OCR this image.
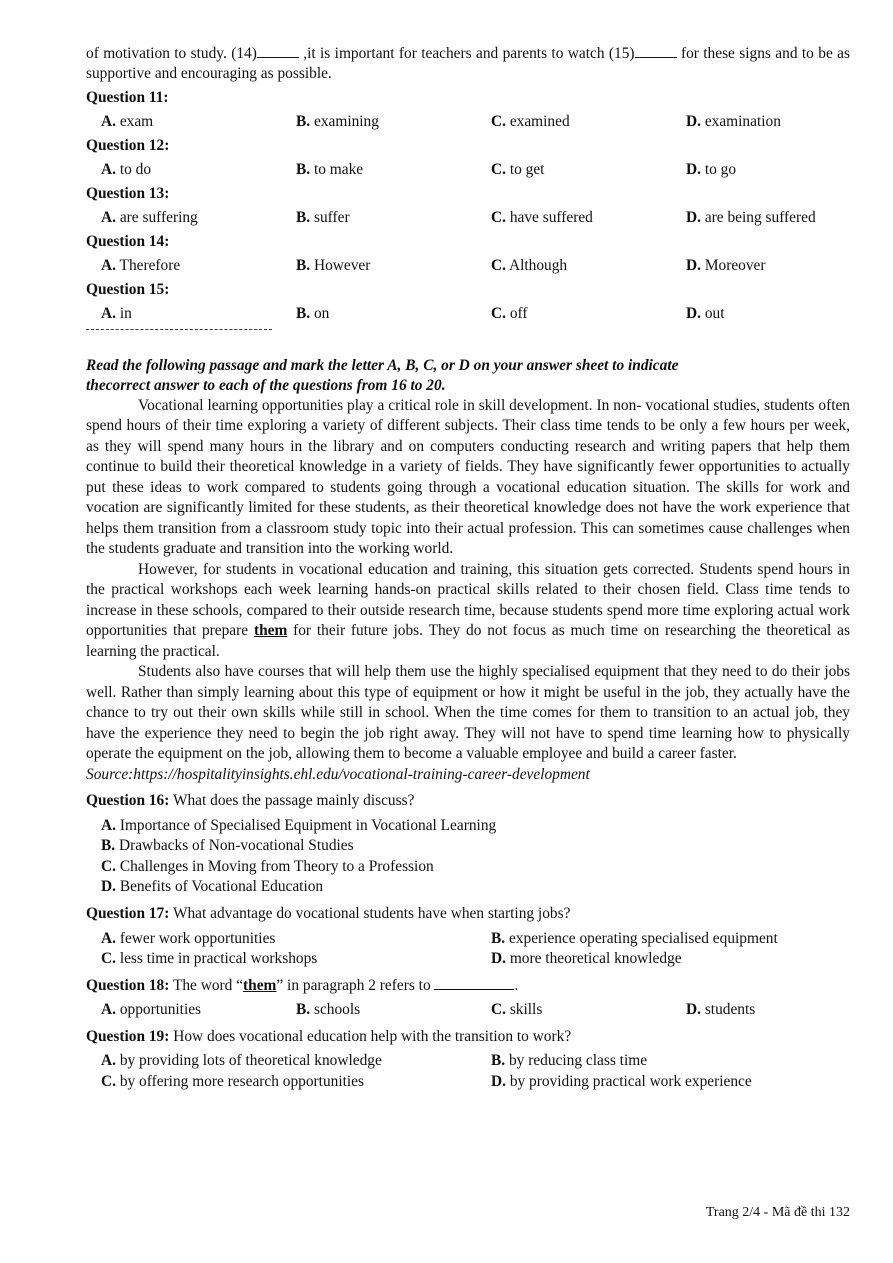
of motivation to study. (14)	,it is important for teachers and parents to watch (15)	for these signs and to be as supportive and encouraging as possible.

Question 11:

A. exam	B. examining	C. examined	D. examination

Question 12:

A. to do	B. to make	C. to get	D. to go

Question 13:

A. are suffering	B. suffer	C. have suffered	D. are being suffered

Question 14:

A. Therefore	B. However	C. Although	D. Moreover

Question 15:

A. in	B. on	C. off	D. out
Read the following passage and mark the letter A, B, C, or D on your answer sheet to indicate
thecorrect answer to each of the questions from 16 to 20.

Vocational learning opportunities play a critical role in skill development. In non- vocational studies, students often spend hours of their time exploring a variety of different subjects. Their class time tends to be only a few hours per week, as they will spend many hours in the library and on computers conducting research and writing papers that help them continue to build their theoretical knowledge in a variety of fields. They have significantly fewer opportunities to actually put these ideas to work compared to students going through a vocational education situation. The skills for work and vocation are significantly limited for these students, as their theoretical knowledge does not have the work experience that helps them transition from a classroom study topic into their actual profession. This can sometimes cause challenges when the students graduate and transition into the working world.

However, for students in vocational education and training, this situation gets corrected. Students spend hours in the practical workshops each week learning hands-on practical skills related to their chosen field. Class time tends to increase in these schools, compared to their outside research time, because students spend more time exploring actual work opportunities that prepare them for their future jobs. They do not focus as much time on researching the theoretical as learning the practical.

Students also have courses that will help them use the highly specialised equipment that they need to do their jobs well. Rather than simply learning about this type of equipment or how it might be useful in the job, they actually have the chance to try out their own skills while still in school. When the time comes for them to transition to an actual job, they have the experience they need to begin the job right away. They will not have to spend time learning how to physically operate the equipment on the job, allowing them to become a valuable employee and build a career faster.

Source:https://hospitalityinsights.ehl.edu/vocational-training-career-development

Question 16: What does the passage mainly discuss?

A. Importance of Specialised Equipment in Vocational Learning
B. Drawbacks of Non-vocational Studies
C. Challenges in Moving from Theory to a Profession
D. Benefits of Vocational Education

Question 17: What advantage do vocational students have when starting jobs?

A. fewer work opportunities	B. experience operating specialised equipment
C. less time in practical workshops	D. more theoretical knowledge

Question 18: The word “them” in paragraph 2 refers to	.

A. opportunities	B. schools	C. skills	D. students

Question 19: How does vocational education help with the transition to work?

A. by providing lots of theoretical knowledge	B. by reducing class time
C. by offering more research opportunities	D. by providing practical work experience
Trang 2/4 - Mã đề thi 132
